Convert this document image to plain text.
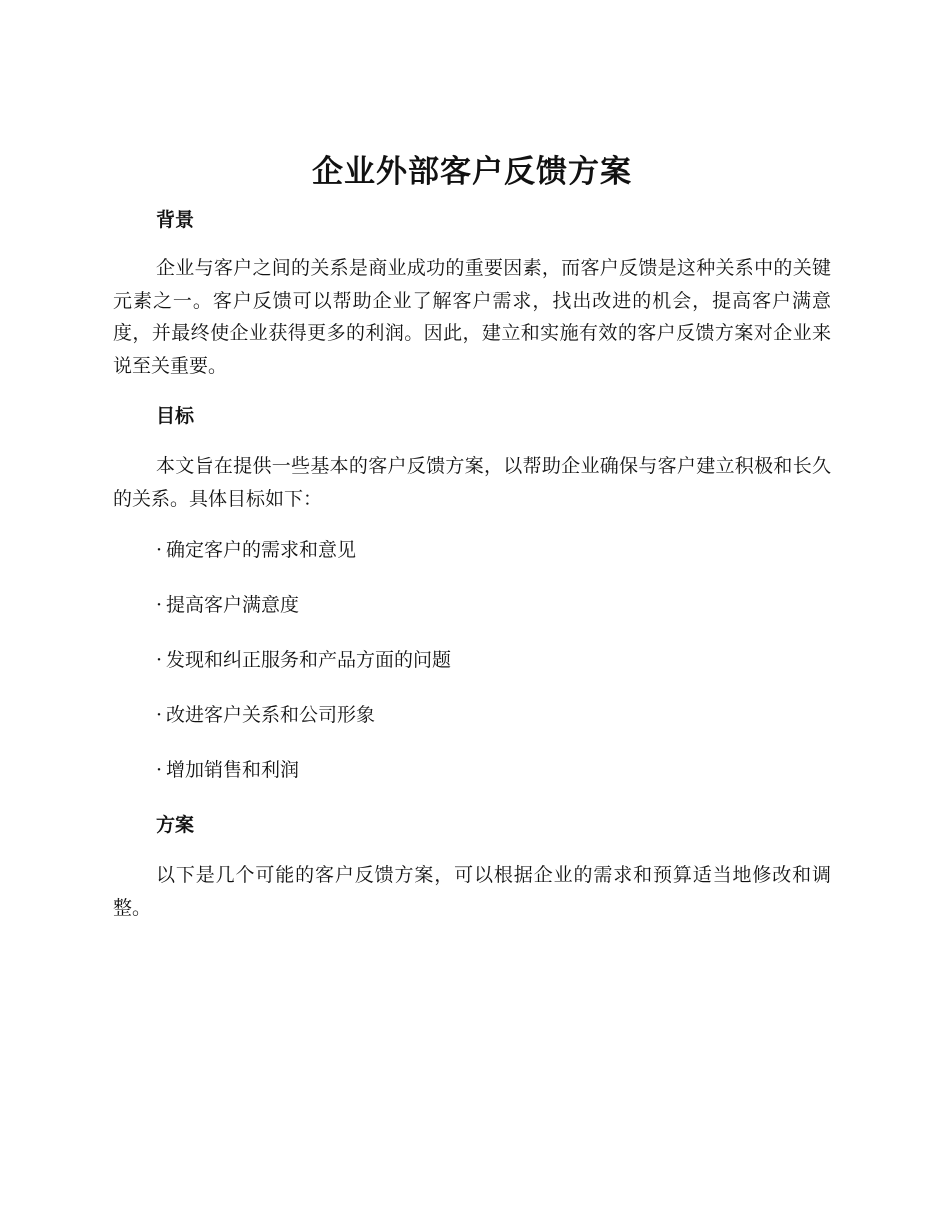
企业外部客户反馈方案
背景

企业与客户之间的关系是商业成功的重要因素，而客户反馈是这种关系中的关键元素之一。客户反馈可以帮助企业了解客户需求，找出改进的机会，提高客户满意度，并最终使企业获得更多的利润。因此，建立和实施有效的客户反馈方案对企业来说至关重要。

目标

本文旨在提供一些基本的客户反馈方案，以帮助企业确保与客户建立积极和长久的关系。具体目标如下：

· 确定客户的需求和意见
· 提高客户满意度
· 发现和纠正服务和产品方面的问题
· 改进客户关系和公司形象
· 增加销售和利润
方案

以下是几个可能的客户反馈方案，可以根据企业的需求和预算适当地修改和调整。
